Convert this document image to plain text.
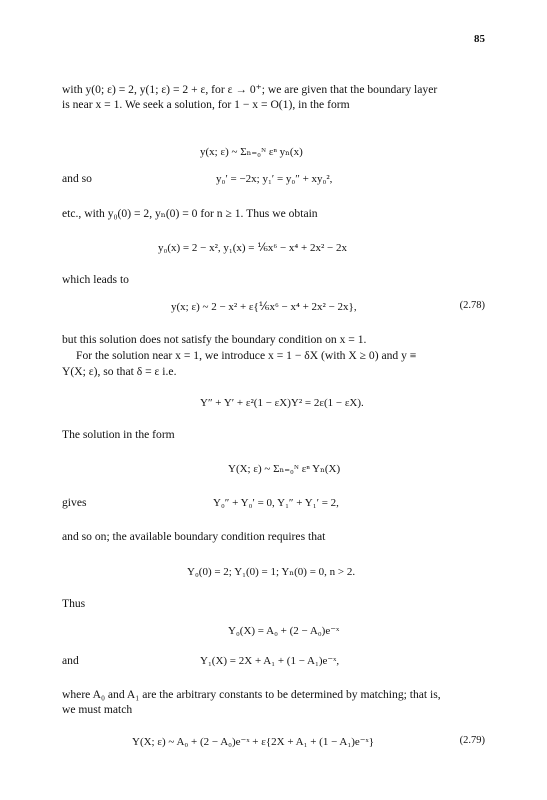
85
with y(0; ε) = 2, y(1; ε) = 2 + ε, for ε → 0⁺; we are given that the boundary layer
is near x = 1. We seek a solution, for 1 − x = O(1), in the form
y(x; ε) ~ Σₙ₌₀ᴺ εⁿ yₙ(x)
and so	y₀′ = −2x; y₁′ = y₀″ + xy₀²,
etc., with y₀(0) = 2, yₙ(0) = 0 for n ≥ 1. Thus we obtain
y₀(x) = 2 − x², y₁(x) = ⅙x⁶ − x⁴ + 2x² − 2x
which leads to
y(x; ε) ~ 2 − x² + ε{⅙x⁶ − x⁴ + 2x² − 2x},	(2.78)
but this solution does not satisfy the boundary condition on x = 1.
For the solution near x = 1, we introduce x = 1 − δX (with X ≥ 0) and y ≡
Y(X; ε), so that δ = ε i.e.
Y″ + Y′ + ε²(1 − εX)Y² = 2ε(1 − εX).
The solution in the form
Y(X; ε) ~ Σₙ₌₀ᴺ εⁿ Yₙ(X)
gives	Y₀″ + Y₀′ = 0, Y₁″ + Y₁′ = 2,
and so on; the available boundary condition requires that
Y₀(0) = 2; Y₁(0) = 1; Yₙ(0) = 0, n > 2.
Thus
Y₀(X) = A₀ + (2 − A₀)e⁻ˣ
and	Y₁(X) = 2X + A₁ + (1 − A₁)e⁻ˣ,
where A₀ and A₁ are the arbitrary constants to be determined by matching; that is,
we must match
Y(X; ε) ~ A₀ + (2 − A₀)e⁻ˣ + ε{2X + A₁ + (1 − A₁)e⁻ˣ}	(2.79)
